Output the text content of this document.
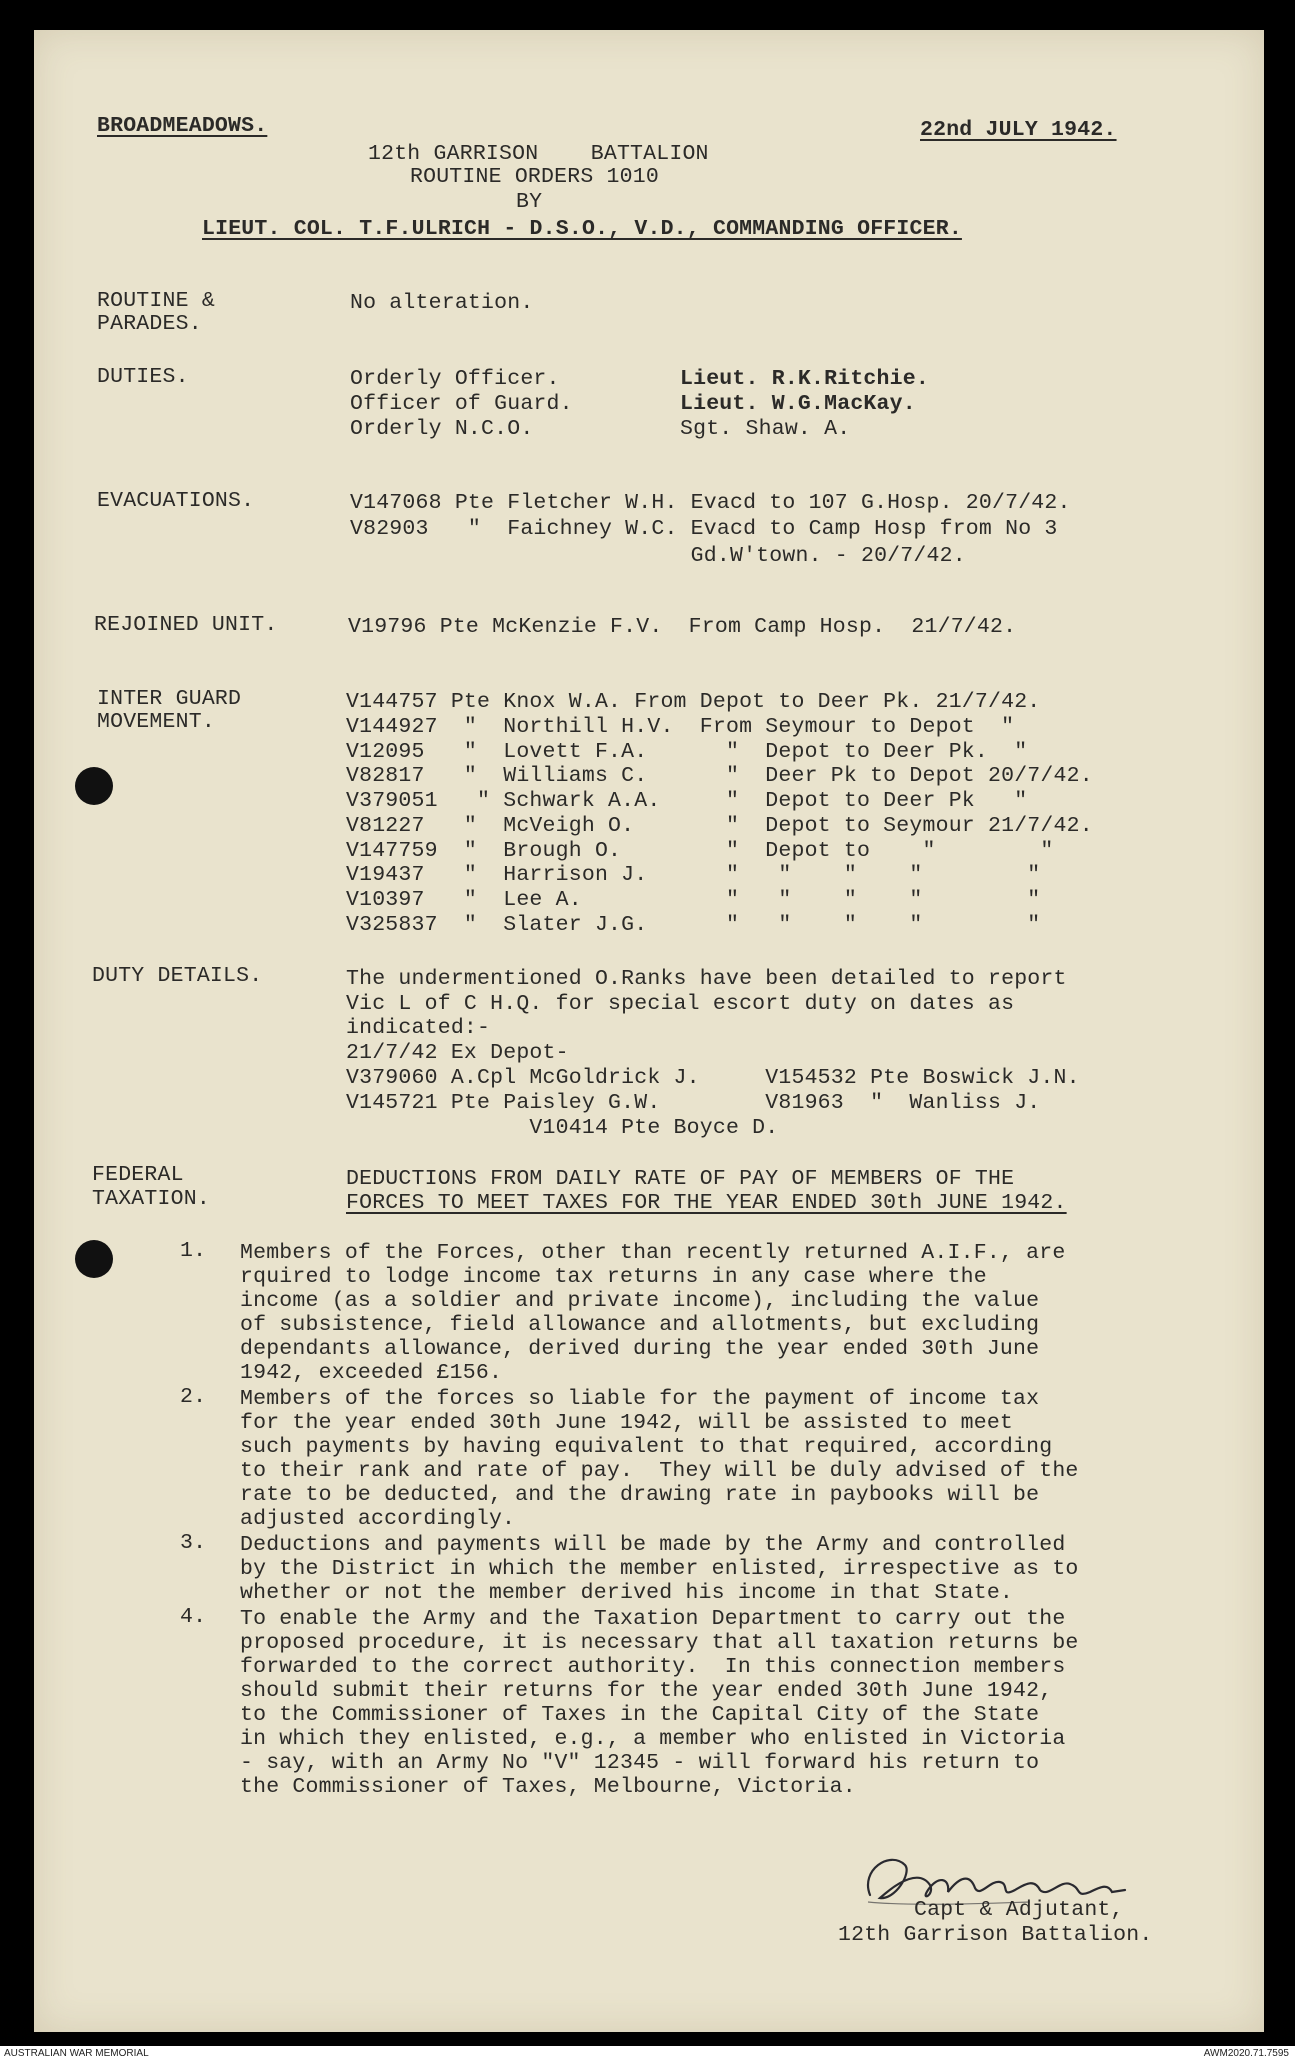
BROADMEADOWS.	22nd JULY 1942.
12th GARRISON    BATTALION
ROUTINE ORDERS 1010
BY
LIEUT. COL. T.F.ULRICH - D.S.O., V.D., COMMANDING OFFICER.
ROUTINE &
PARADES.
No alteration.
DUTIES.	Orderly Officer.	Lieut. R.K.Ritchie.
Officer of Guard.	Lieut. W.G.MacKay.
Orderly N.C.O.	Sgt. Shaw. A.
EVACUATIONS.	V147068 Pte Fletcher W.H. Evacd to 107 G.Hosp. 20/7/42.
V82903   "  Faichney W.C. Evacd to Camp Hosp from No 3
Gd.W'town. - 20/7/42.
REJOINED UNIT.	V19796 Pte McKenzie F.V.  From Camp Hosp.  21/7/42.
INTER GUARD
MOVEMENT.
V144757 Pte Knox W.A. From Depot to Deer Pk. 21/7/42.
V144927  "  Northill H.V.  From Seymour to Depot  "
V12095   "  Lovett F.A.      "  Depot to Deer Pk.  "
V82817   "  Williams C.      "  Deer Pk to Depot 20/7/42.
V379051   " Schwark A.A.     "  Depot to Deer Pk   "
V81227   "  McVeigh O.       "  Depot to Seymour 21/7/42.
V147759  "  Brough O.        "  Depot to    "        "
V19437   "  Harrison J.      "   "    "    "        "
V10397   "  Lee A.           "   "    "    "        "
V325837  "  Slater J.G.      "   "    "    "        "
DUTY DETAILS.	The undermentioned O.Ranks have been detailed to report
Vic L of C H.Q. for special escort duty on dates as
indicated:-
21/7/42 Ex Depot-
V379060 A.Cpl McGoldrick J.     V154532 Pte Boswick J.N.
V145721 Pte Paisley G.W.        V81963  "  Wanliss J.
V10414 Pte Boyce D.
FEDERAL
TAXATION.
DEDUCTIONS FROM DAILY RATE OF PAY OF MEMBERS OF THE
FORCES TO MEET TAXES FOR THE YEAR ENDED 30th JUNE 1942.
1. Members of the Forces, other than recently returned A.I.F., are
rquired to lodge income tax returns in any case where the
income (as a soldier and private income), including the value
of subsistence, field allowance and allotments, but excluding
dependants allowance, derived during the year ended 30th June
1942, exceeded £156.
2. Members of the forces so liable for the payment of income tax
for the year ended 30th June 1942, will be assisted to meet
such payments by having equivalent to that required, according
to their rank and rate of pay.  They will be duly advised of the
rate to be deducted, and the drawing rate in paybooks will be
adjusted accordingly.
3. Deductions and payments will be made by the Army and controlled
by the District in which the member enlisted, irrespective as to
whether or not the member derived his income in that State.
4. To enable the Army and the Taxation Department to carry out the
proposed procedure, it is necessary that all taxation returns be
forwarded to the correct authority.  In this connection members
should submit their returns for the year ended 30th June 1942,
to the Commissioner of Taxes in the Capital City of the State
in which they enlisted, e.g., a member who enlisted in Victoria
- say, with an Army No "V" 12345 - will forward his return to
the Commissioner of Taxes, Melbourne, Victoria.
Capt & Adjutant,
12th Garrison Battalion.
AUSTRALIAN WAR MEMORIAL	AWM2020.71.7595
